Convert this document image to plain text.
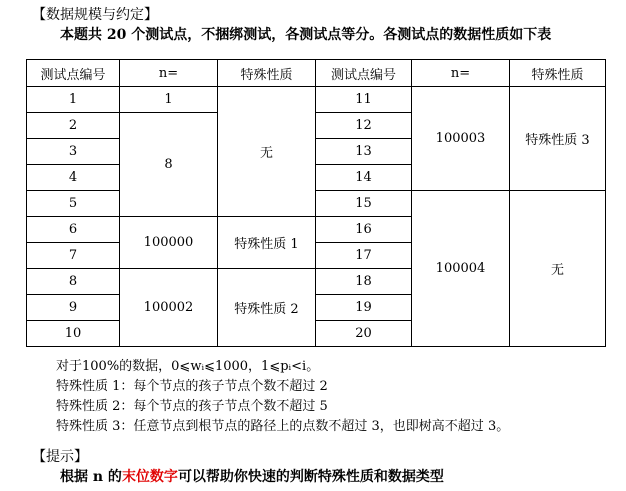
【数据规模与约定】
本题共 20 个测试点，不捆绑测试，各测试点等分。各测试点的数据性质如下表
测试点编号	n=	特殊性质	测试点编号	n=	特殊性质
1	1	无	11	100003	特殊性质 3
2	8		12		
3			13		
4			14		
5			15	100004	无
6	100000	特殊性质 1	16		
7			17		
8	100002	特殊性质 2	18		
9			19		
10			20		
对于100%的数据，0⩽wᵢ⩽1000，1⩽pᵢ<i。
特殊性质 1：每个节点的孩子节点个数不超过 2
特殊性质 2：每个节点的孩子节点个数不超过 5
特殊性质 3：任意节点到根节点的路径上的点数不超过 3，也即树高不超过 3。
【提示】
根据 n 的末位数字可以帮助你快速的判断特殊性质和数据类型
